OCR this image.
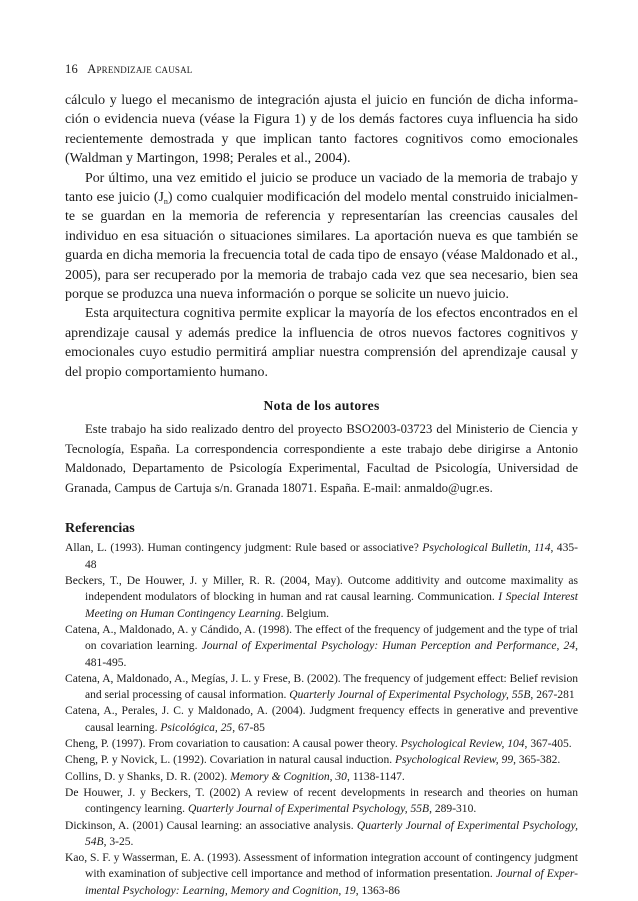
16 Aprendizaje causal

cálculo y luego el mecanismo de integración ajusta el juicio en función de dicha informa-ción o evidencia nueva (véase la Figura 1) y de los demás factores cuya influencia ha sido recientemente demostrada y que implican tanto factores cognitivos como emocionales (Waldman y Martingon, 1998; Perales et al., 2004).

Por último, una vez emitido el juicio se produce un vaciado de la memoria de trabajo y tanto ese juicio $(J_n)$ como cualquier modificación del modelo mental construido inicialmen-te se guardan en la memoria de referencia y representarían las creencias causales del individuo en esa situación o situaciones similares. La aportación nueva es que también se guarda en dicha memoria la frecuencia total de cada tipo de ensayo (véase Maldonado et al., 2005), para ser recuperado por la memoria de trabajo cada vez que sea necesario, bien sea porque se produzca una nueva información o porque se solicite un nuevo juicio.

Esta arquitectura cognitiva permite explicar la mayoría de los efectos encontrados en el aprendizaje causal y además predice la influencia de otros nuevos factores cognitivos y emocionales cuyo estudio permitirá ampliar nuestra comprensión del aprendizaje causal y del propio comportamiento humano.

Nota de los autores

Este trabajo ha sido realizado dentro del proyecto BSO2003-03723 del Ministerio de Ciencia y Tecnología, España. La correspondencia correspondiente a este trabajo debe dirigirse a Antonio Maldonado, Departamento de Psicología Experimental, Facultad de Psicología, Universidad de Granada, Campus de Cartuja s/n. Granada 18071. España. E-mail: anmaldo@ugr.es.

Referencias
Allan, L. (1993). Human contingency judgment: Rule based or associative? Psychological Bulletin, 114, 435-48
Beckers, T., De Houwer, J. y Miller, R. R. (2004, May). Outcome additivity and outcome maximality as independent modulators of blocking in human and rat causal learning. Communication. I Special Interest Meeting on Human Contingency Learning. Belgium.
Catena, A., Maldonado, A. y Cándido, A. (1998). The effect of the frequency of judgement and the type of trial on covariation learning. Journal of Experimental Psychology: Human Perception and Performance, 24, 481-495.
Catena, A, Maldonado, A., Megías, J. L. y Frese, B. (2002). The frequency of judgement effect: Belief revision and serial processing of causal information. Quarterly Journal of Experimental Psychology, 55B, 267-281
Catena, A., Perales, J. C. y Maldonado, A. (2004). Judgment frequency effects in generative and preventive causal learning. Psicológica, 25, 67-85
Cheng, P. (1997). From covariation to causation: A causal power theory. Psychological Review, 104, 367-405.
Cheng, P. y Novick, L. (1992). Covariation in natural causal induction. Psychological Review, 99, 365-382.
Collins, D. y Shanks, D. R. (2002). Memory & Cognition, 30, 1138-1147.
De Houwer, J. y Beckers, T. (2002) A review of recent developments in research and theories on human contingency learning. Quarterly Journal of Experimental Psychology, 55B, 289-310.
Dickinson, A. (2001) Causal learning: an associative analysis. Quarterly Journal of Experimental Psychology, 54B, 3-25.
Kao, S. F. y Wasserman, E. A. (1993). Assessment of information integration account of contingency judgment with examination of subjective cell importance and method of information presentation. Journal of Exper-imental Psychology: Learning, Memory and Cognition, 19, 1363-86
